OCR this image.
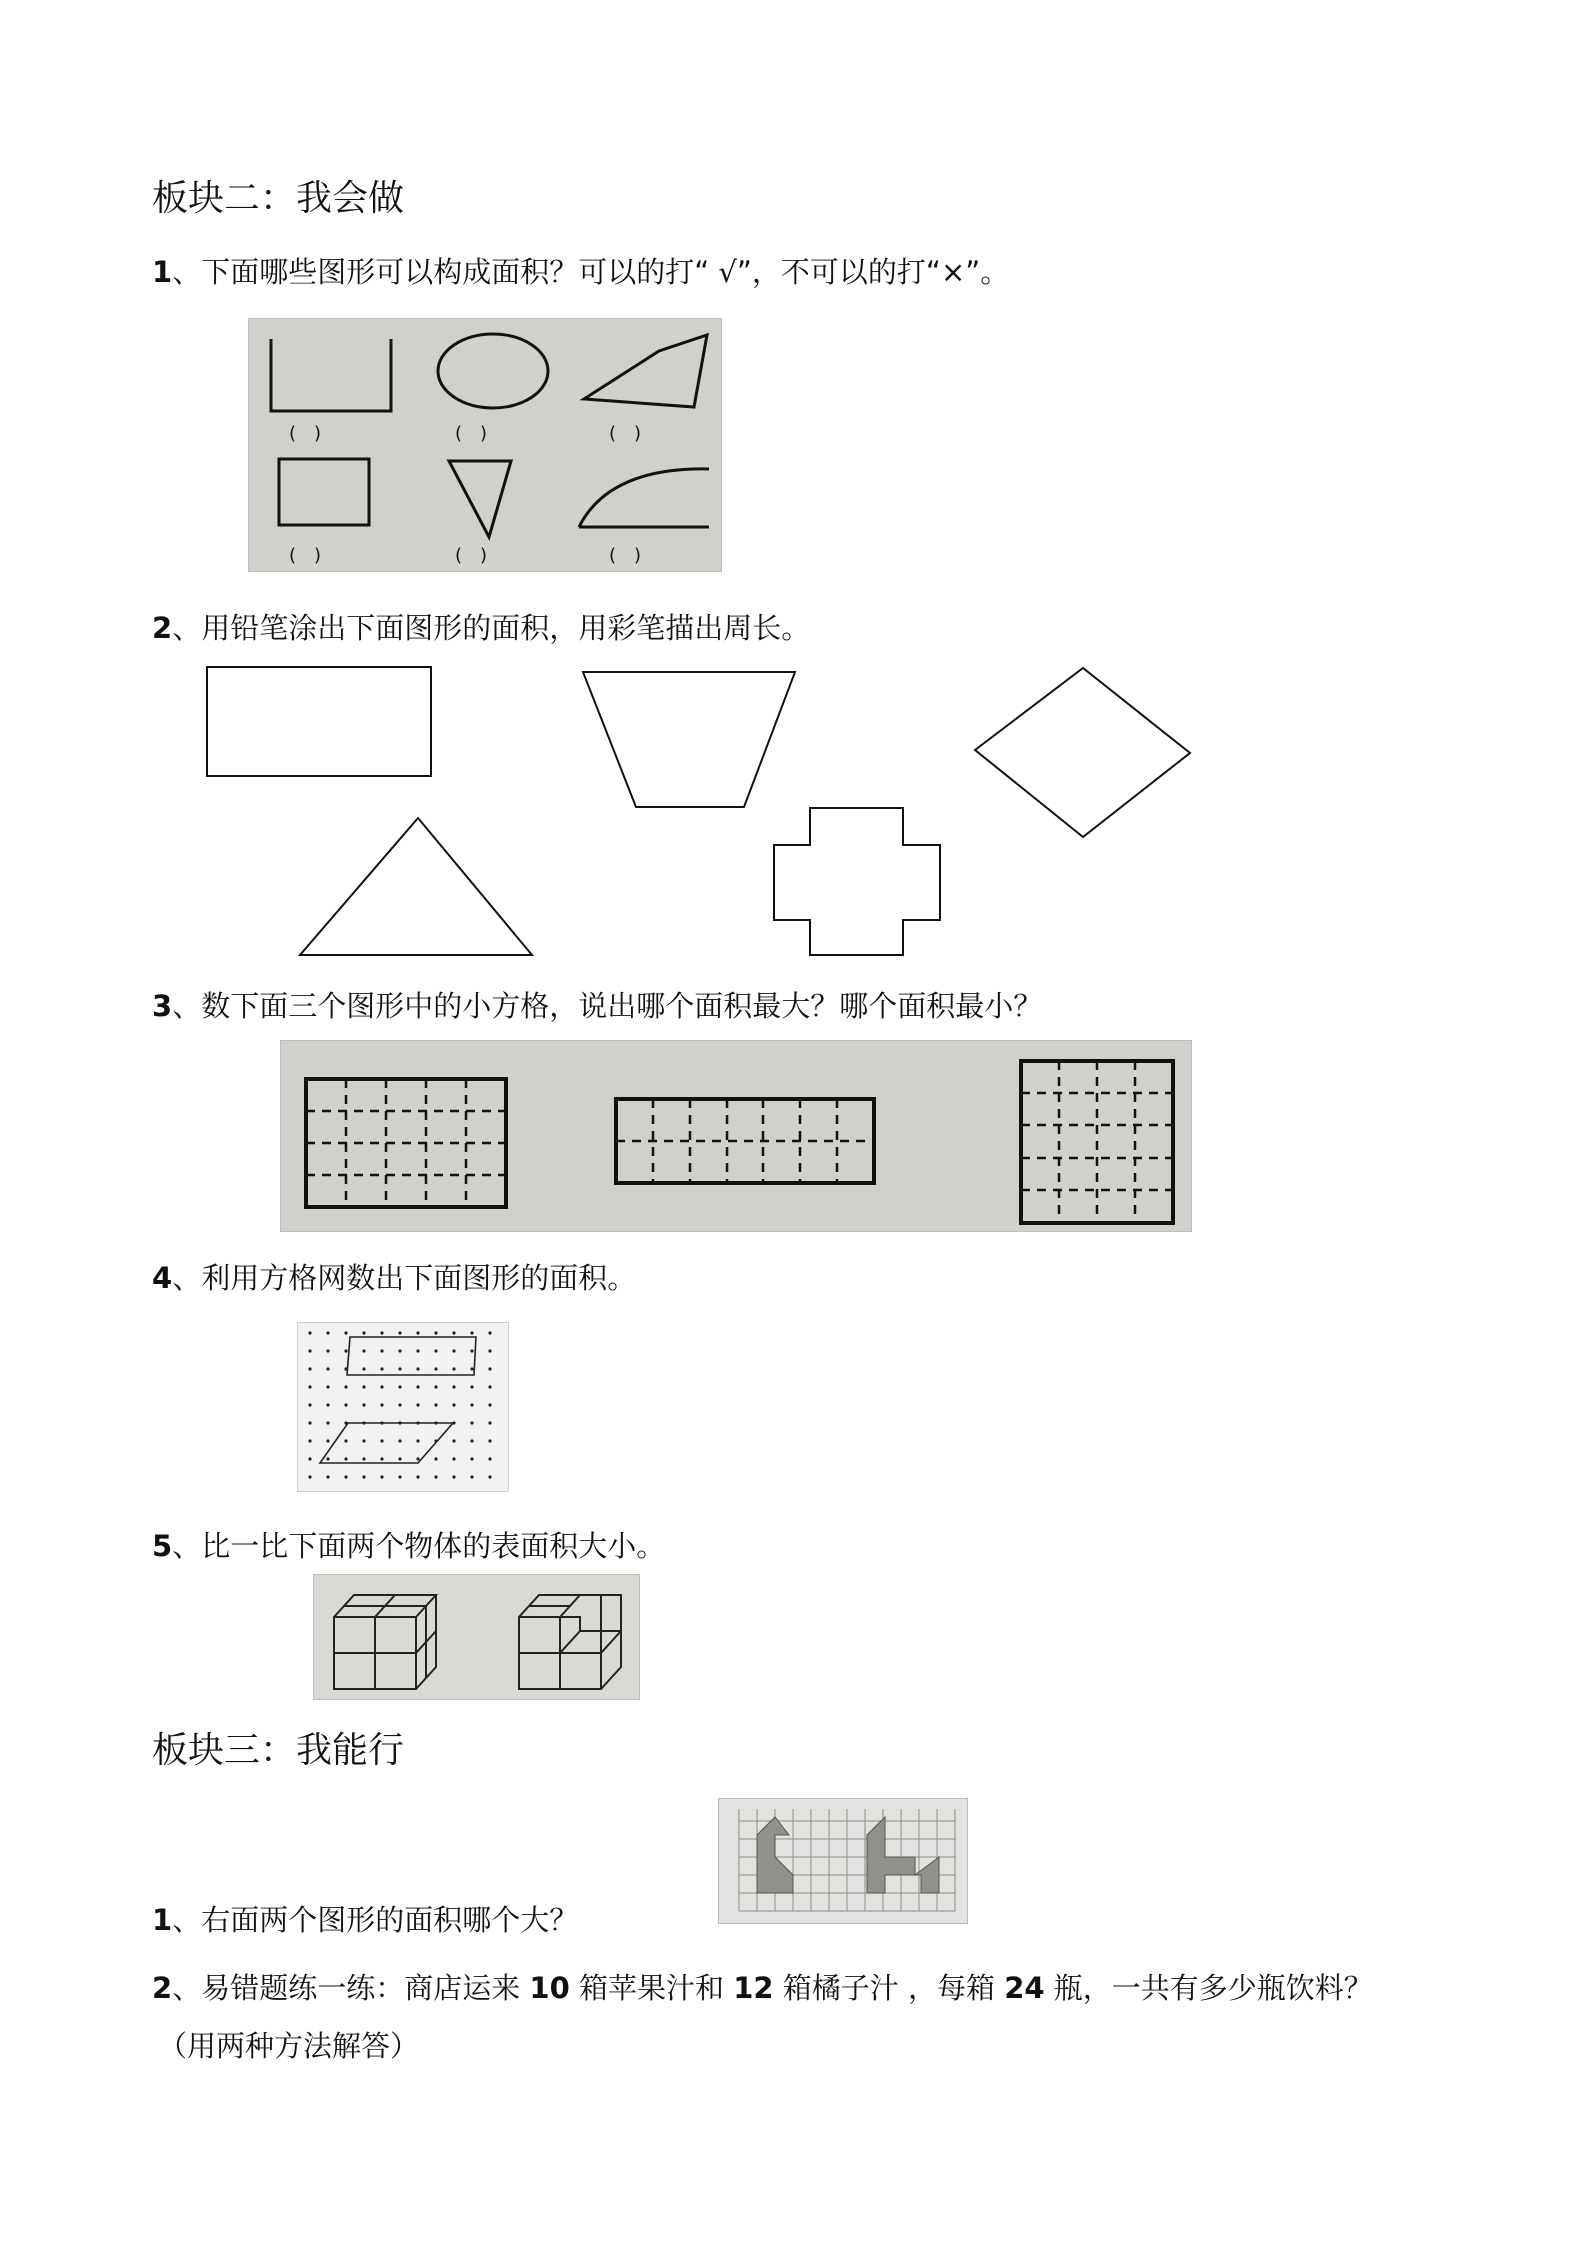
板块二：我会做
1、下面哪些图形可以构成面积？可以的打“ √”，不可以的打“×”。
(　)	(　)	(　)
(　)	(　)	(　)
2、用铅笔涂出下面图形的面积，用彩笔描出周长。
3、数下面三个图形中的小方格，说出哪个面积最大？哪个面积最小？
4、利用方格网数出下面图形的面积。
5、比一比下面两个物体的表面积大小。
板块三：我能行
1、右面两个图形的面积哪个大？
2、易错题练一练：商店运来 10 箱苹果汁和 12 箱橘子汁 ，每箱 24 瓶，一共有多少瓶饮料？
（用两种方法解答）
